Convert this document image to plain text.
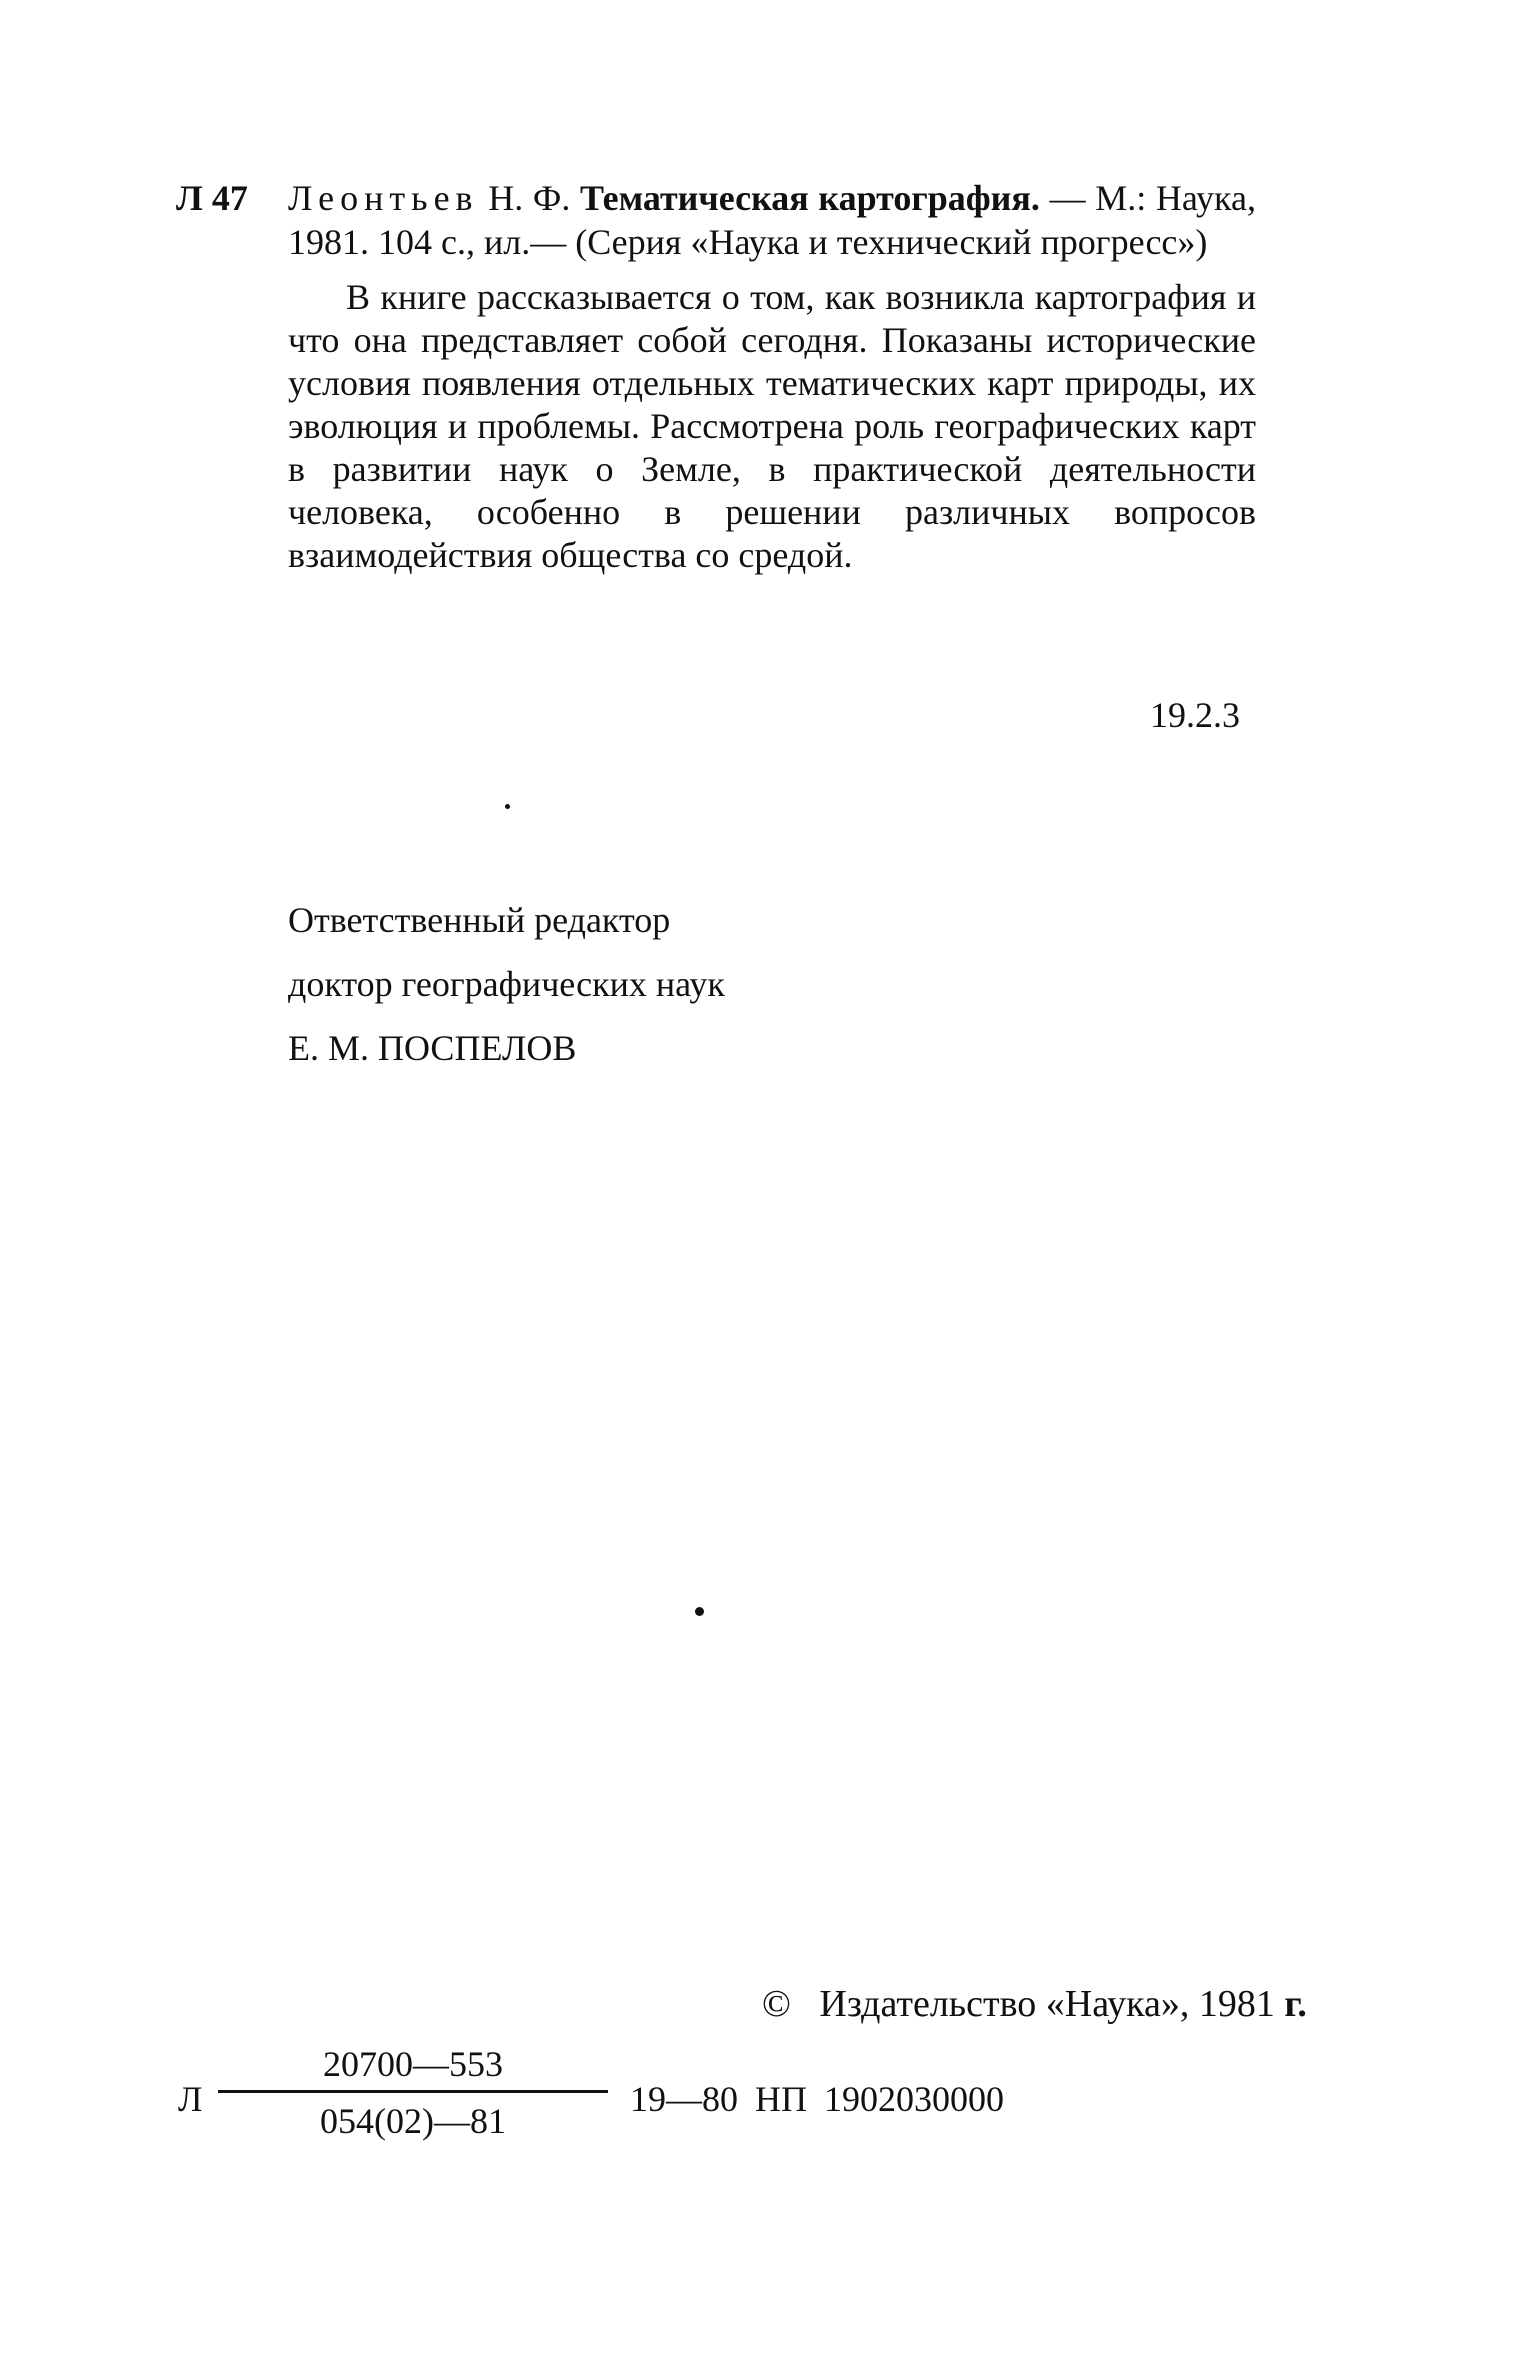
Л 47	Леонтьев Н. Ф. Тематическая картография. — М.: Наука, 1981. 104 с., ил.— (Серия «Наука и технический прогресс»)
В книге рассказывается о том, как возникла картография и что она представляет собой сегодня. Показаны исторические условия появления отдельных тематических карт природы, их эволюция и проблемы. Рассмотрена роль географических карт в развитии наук о Земле, в практической деятельности человека, особенно в решении различных вопросов взаимодействия общества со средой.
19.2.3
Ответственный редактор
доктор географических наук
Е. М. ПОСПЕЛОВ
© Издательство «Наука», 1981 г.
Л
20700—553
054(02)—81
19—80 НП 1902030000
